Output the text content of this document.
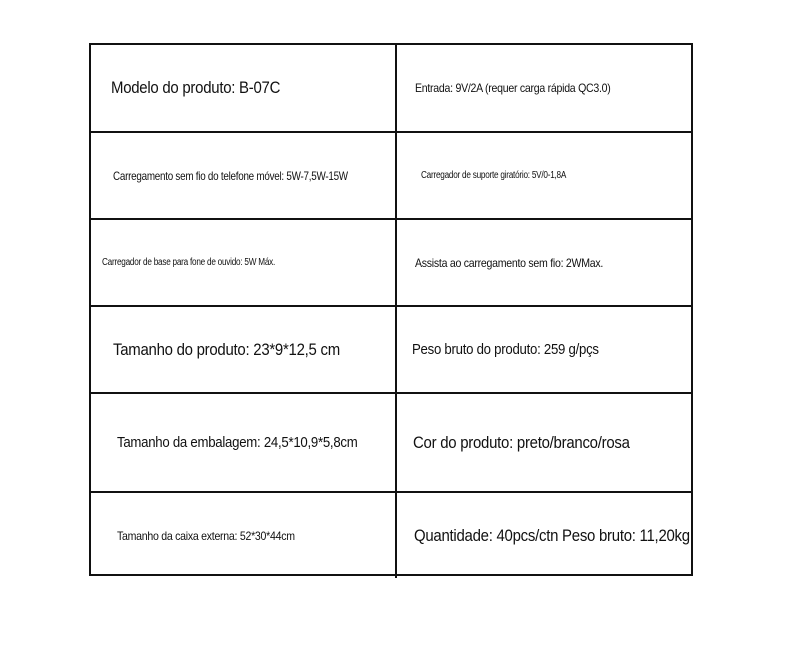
Modelo do produto: B-07C	Entrada: 9V/2A (requer carga rápida QC3.0)
Carregamento sem fio do telefone móvel: 5W-7,5W-15W	Carregador de suporte giratório: 5V/0-1,8A
Carregador de base para fone de ouvido: 5W Máx.	Assista ao carregamento sem fio: 2WMax.
Tamanho do produto: 23*9*12,5 cm	Peso bruto do produto: 259 g/pçs
Tamanho da embalagem: 24,5*10,9*5,8cm	Cor do produto: preto/branco/rosa
Tamanho da caixa externa: 52*30*44cm	Quantidade: 40pcs/ctn Peso bruto: 11,20kg
